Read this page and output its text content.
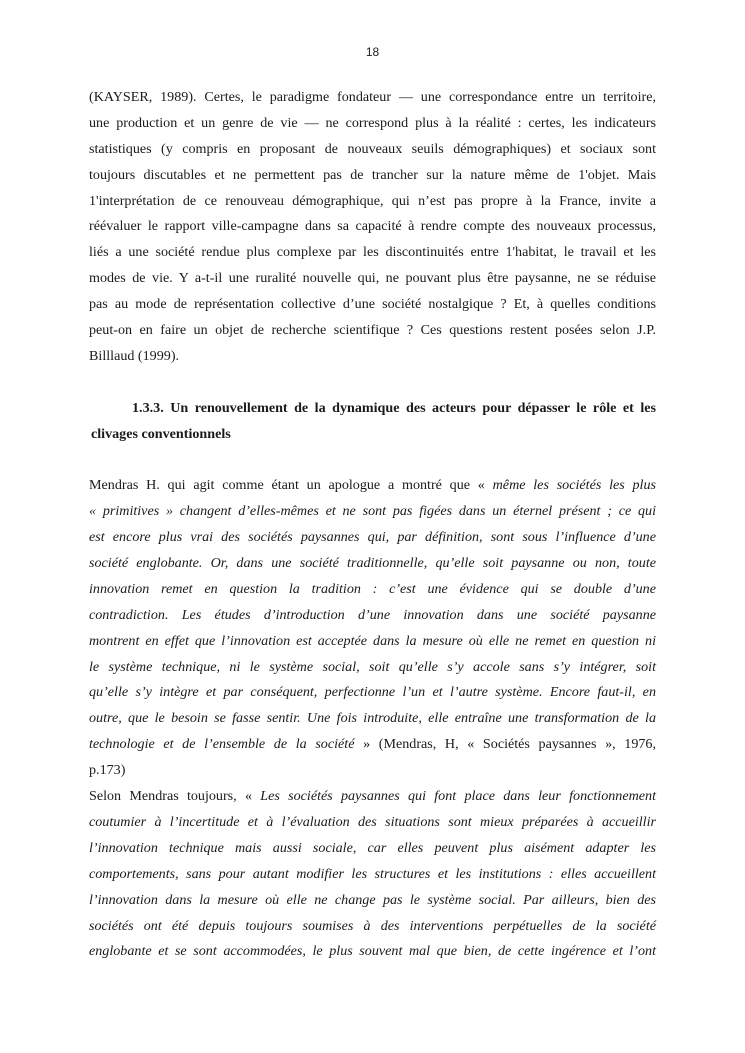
18
(KAYSER, 1989). Certes, le paradigme fondateur — une correspondance entre un territoire,
une production et un genre de vie — ne correspond plus à la réalité : certes, les indicateurs
statistiques (y compris en proposant de nouveaux seuils démographiques) et sociaux sont
toujours discutables et ne permettent pas de trancher sur la nature même de 1'objet. Mais
1'interprétation de ce renouveau démographique, qui n’est pas propre à la France, invite a
réévaluer le rapport ville-campagne dans sa capacité à rendre compte des nouveaux processus,
liés a une société rendue plus complexe par les discontinuités entre 1'habitat, le travail et les
modes de vie. Y a-t-il une ruralité nouvelle qui, ne pouvant plus être paysanne, ne se réduise
pas au mode de représentation collective d’une société nostalgique ? Et, à quelles conditions
peut-on en faire un objet de recherche scientifique ? Ces questions restent posées selon J.P.
Billlaud (1999).
1.3.3. Un renouvellement de la dynamique des acteurs pour dépasser le rôle et les
clivages conventionnels
Mendras H. qui agit comme étant un apologue a montré que « même les sociétés les plus
« primitives » changent d’elles-mêmes et ne sont pas figées dans un éternel présent ; ce qui
est encore plus vrai des sociétés paysannes qui, par définition, sont sous l’influence d’une
société englobante. Or, dans une société traditionnelle, qu’elle soit paysanne ou non, toute
innovation remet en question la tradition : c’est une évidence qui se double d’une
contradiction. Les études d’introduction d’une innovation dans une société paysanne
montrent en effet que l’innovation est acceptée dans la mesure où elle ne remet en question ni
le système technique, ni le système social, soit qu’elle s’y accole sans s’y intégrer, soit
qu’elle s’y intègre et par conséquent, perfectionne l’un et l’autre système. Encore faut-il, en
outre, que le besoin se fasse sentir. Une fois introduite, elle entraîne une transformation de la
technologie et de l’ensemble de la société » (Mendras, H, « Sociétés paysannes », 1976,
p.173)
Selon Mendras toujours, « Les sociétés paysannes qui font place dans leur fonctionnement
coutumier à l’incertitude et à l’évaluation des situations sont mieux préparées à accueillir
l’innovation technique mais aussi sociale, car elles peuvent plus aisément adapter les
comportements, sans pour autant modifier les structures et les institutions : elles accueillent
l’innovation dans la mesure où elle ne change pas le système social. Par ailleurs, bien des
sociétés ont été depuis toujours soumises à des interventions perpétuelles de la société
englobante et se sont accommodées, le plus souvent mal que bien, de cette ingérence et l’ont
